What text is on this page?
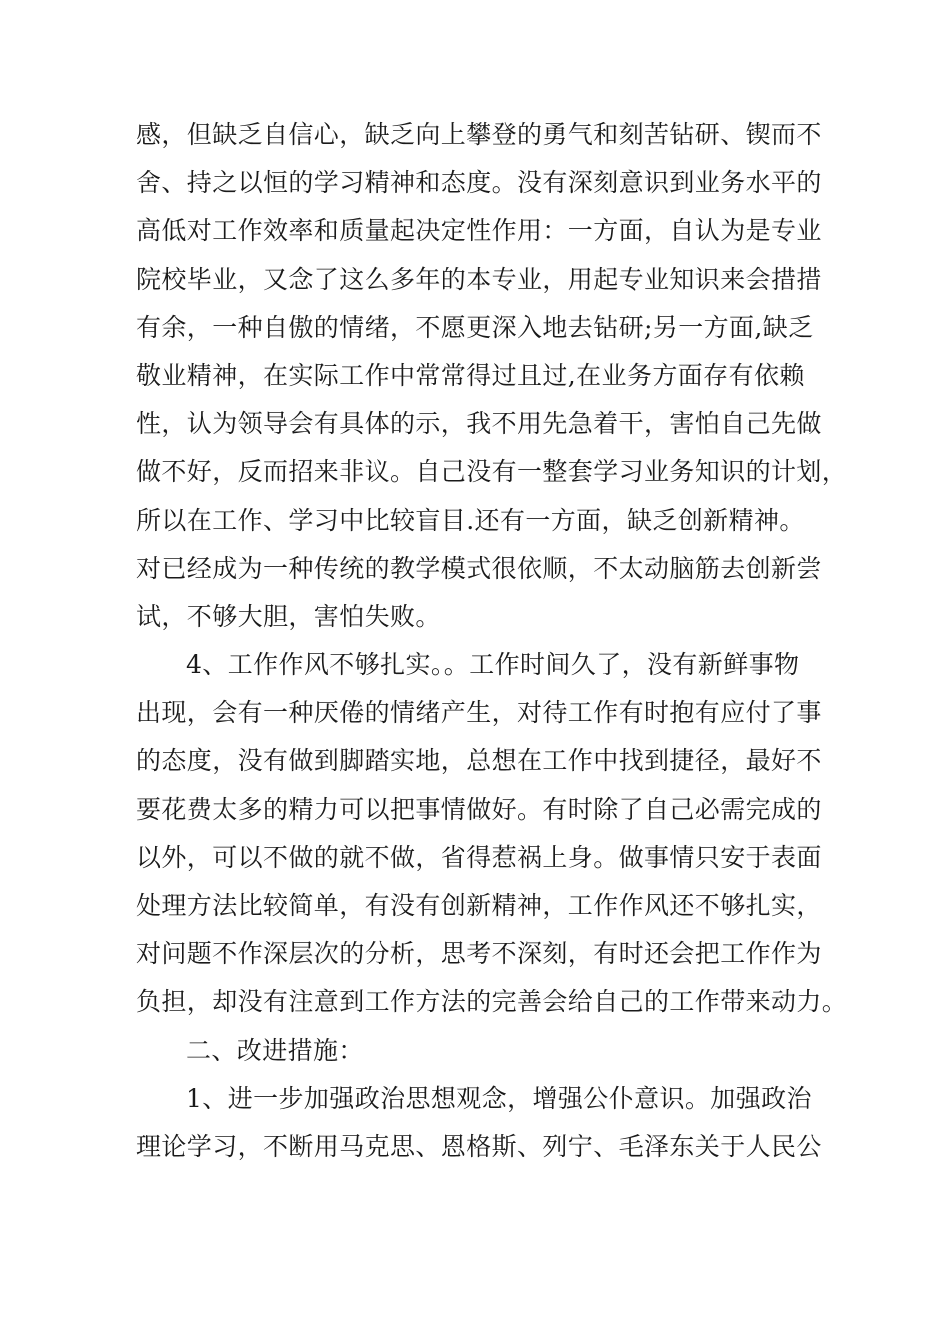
感，但缺乏自信心，缺乏向上攀登的勇气和刻苦钻研、锲而不
舍、持之以恒的学习精神和态度。没有深刻意识到业务水平的
高低对工作效率和质量起决定性作用：一方面，自认为是专业
院校毕业，又念了这么多年的本专业，用起专业知识来会措措
有余，一种自傲的情绪，不愿更深入地去钻研;另一方面,缺乏
敬业精神，在实际工作中常常得过且过,在业务方面存有依赖
性，认为领导会有具体的示，我不用先急着干，害怕自己先做
做不好，反而招来非议。自己没有一整套学习业务知识的计划，
所以在工作、学习中比较盲目.还有一方面，缺乏创新精神。
对已经成为一种传统的教学模式很依顺，不太动脑筋去创新尝
试，不够大胆，害怕失败。
4、工作作风不够扎实。。工作时间久了，没有新鲜事物
出现，会有一种厌倦的情绪产生，对待工作有时抱有应付了事
的态度，没有做到脚踏实地，总想在工作中找到捷径，最好不
要花费太多的精力可以把事情做好。有时除了自己必需完成的
以外，可以不做的就不做，省得惹祸上身。做事情只安于表面
处理方法比较简单，有没有创新精神，工作作风还不够扎实，
对问题不作深层次的分析，思考不深刻，有时还会把工作作为
负担，却没有注意到工作方法的完善会给自己的工作带来动力。
二、改进措施：
1、进一步加强政治思想观念，增强公仆意识。加强政治
理论学习，不断用马克思、恩格斯、列宁、毛泽东关于人民公
